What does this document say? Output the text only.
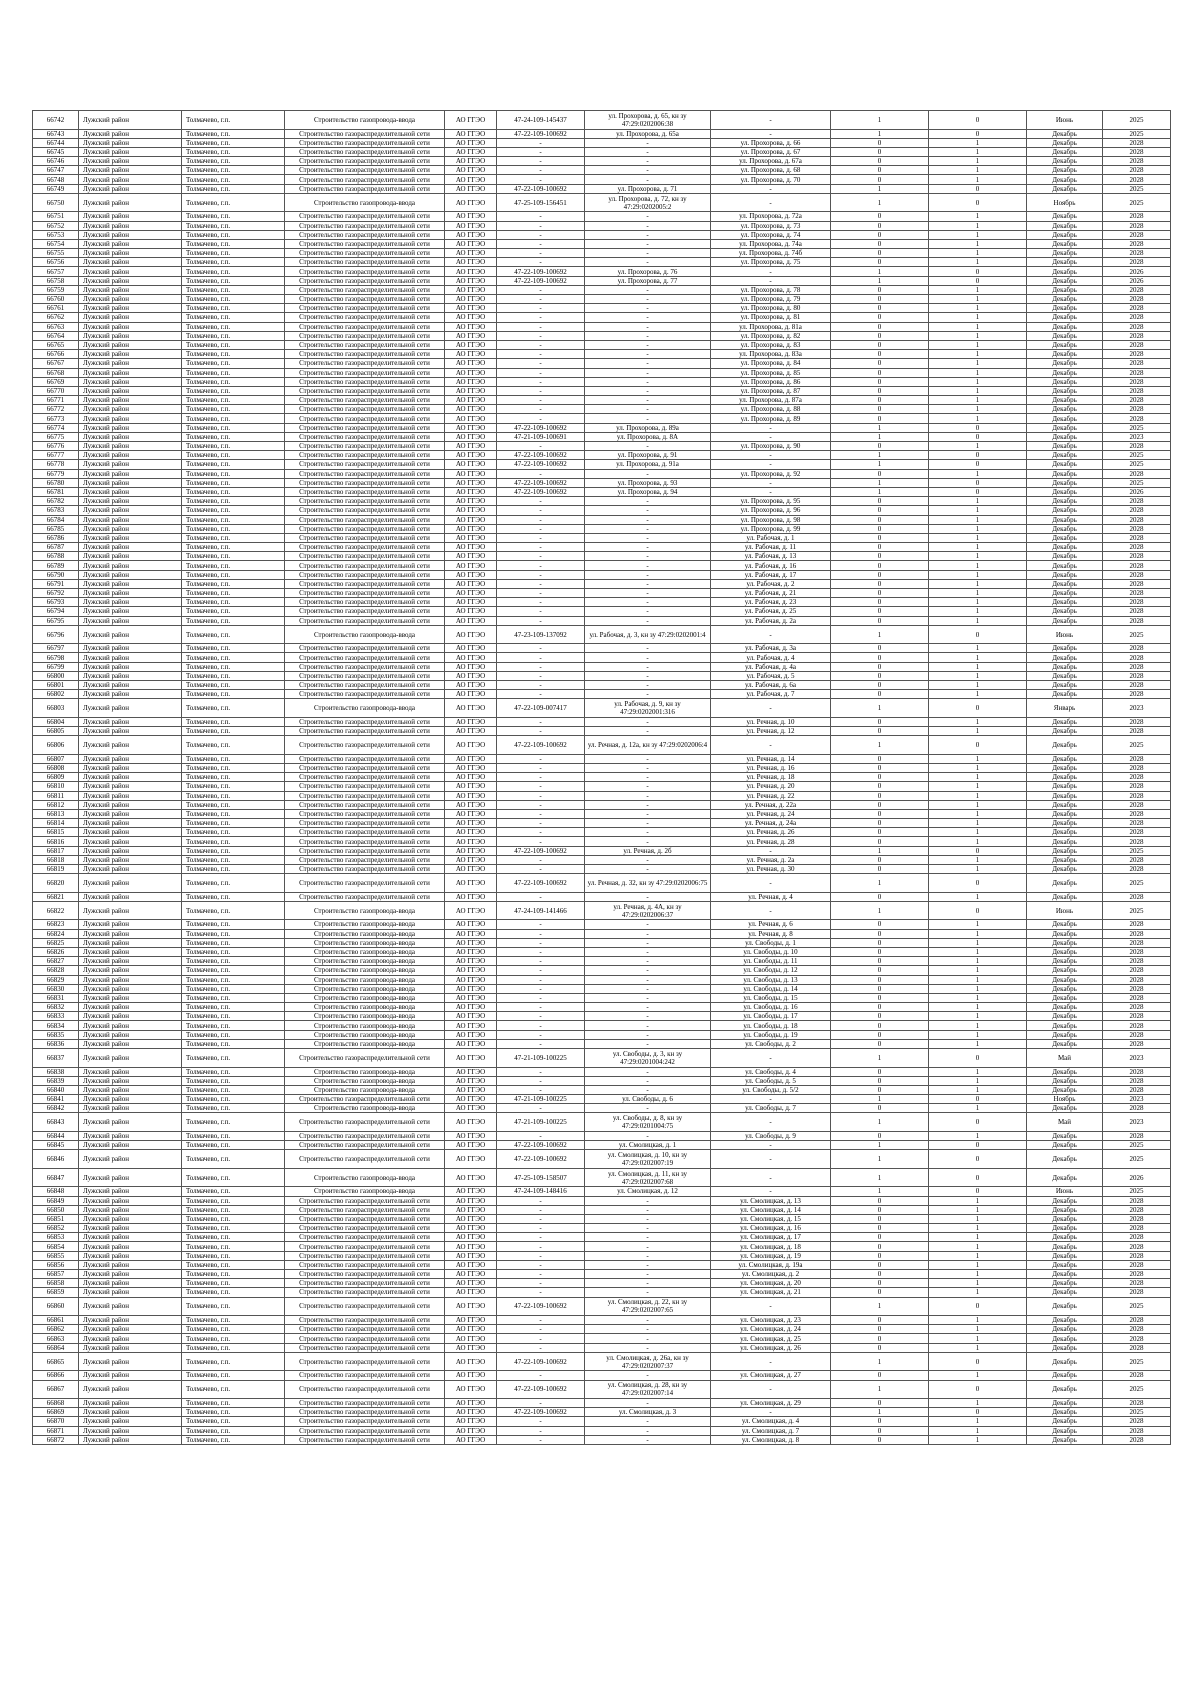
66742	Лужский район	Толмачево, г.п.	Строительство газопровода-ввода	АО ГГЭО	47-24-109-145437	ул. Прохорова, д. 65, кн зу 47:29:0202006:38	-	1	0	Июнь	2025
66743	Лужский район	Толмачево, г.п.	Строительство газораспределительной сети	АО ГГЭО	47-22-109-100692	ул. Прохорова, д. 65а	-	1	0	Декабрь	2025
66744	Лужский район	Толмачево, г.п.	Строительство газораспределительной сети	АО ГГЭО	-	-	ул. Прохорова, д. 66	0	1	Декабрь	2028
66745	Лужский район	Толмачево, г.п.	Строительство газораспределительной сети	АО ГГЭО	-	-	ул. Прохорова, д. 67	0	1	Декабрь	2028
66746	Лужский район	Толмачево, г.п.	Строительство газораспределительной сети	АО ГГЭО	-	-	ул. Прохорова, д. 67а	0	1	Декабрь	2028
66747	Лужский район	Толмачево, г.п.	Строительство газораспределительной сети	АО ГГЭО	-	-	ул. Прохорова, д. 68	0	1	Декабрь	2028
66748	Лужский район	Толмачево, г.п.	Строительство газораспределительной сети	АО ГГЭО	-	-	ул. Прохорова, д. 70	0	1	Декабрь	2028
66749	Лужский район	Толмачево, г.п.	Строительство газораспределительной сети	АО ГГЭО	47-22-109-100692	ул. Прохорова, д. 71	-	1	0	Декабрь	2025
66750	Лужский район	Толмачево, г.п.	Строительство газопровода-ввода	АО ГГЭО	47-25-109-156451	ул. Прохорова, д. 72, кн зу 47:29:0202005:2	-	1	0	Ноябрь	2025
66751	Лужский район	Толмачево, г.п.	Строительство газораспределительной сети	АО ГГЭО	-	-	ул. Прохорова, д. 72а	0	1	Декабрь	2028
66752	Лужский район	Толмачево, г.п.	Строительство газораспределительной сети	АО ГГЭО	-	-	ул. Прохорова, д. 73	0	1	Декабрь	2028
66753	Лужский район	Толмачево, г.п.	Строительство газораспределительной сети	АО ГГЭО	-	-	ул. Прохорова, д. 74	0	1	Декабрь	2028
66754	Лужский район	Толмачево, г.п.	Строительство газораспределительной сети	АО ГГЭО	-	-	ул. Прохорова, д. 74а	0	1	Декабрь	2028
66755	Лужский район	Толмачево, г.п.	Строительство газораспределительной сети	АО ГГЭО	-	-	ул. Прохорова, д. 74б	0	1	Декабрь	2028
66756	Лужский район	Толмачево, г.п.	Строительство газораспределительной сети	АО ГГЭО	-	-	ул. Прохорова, д. 75	0	1	Декабрь	2028
66757	Лужский район	Толмачево, г.п.	Строительство газораспределительной сети	АО ГГЭО	47-22-109-100692	ул. Прохорова, д. 76	-	1	0	Декабрь	2026
66758	Лужский район	Толмачево, г.п.	Строительство газораспределительной сети	АО ГГЭО	47-22-109-100692	ул. Прохорова, д. 77	-	1	0	Декабрь	2026
66759	Лужский район	Толмачево, г.п.	Строительство газораспределительной сети	АО ГГЭО	-	-	ул. Прохорова, д. 78	0	1	Декабрь	2028
66760	Лужский район	Толмачево, г.п.	Строительство газораспределительной сети	АО ГГЭО	-	-	ул. Прохорова, д. 79	0	1	Декабрь	2028
66761	Лужский район	Толмачево, г.п.	Строительство газораспределительной сети	АО ГГЭО	-	-	ул. Прохорова, д. 80	0	1	Декабрь	2028
66762	Лужский район	Толмачево, г.п.	Строительство газораспределительной сети	АО ГГЭО	-	-	ул. Прохорова, д. 81	0	1	Декабрь	2028
66763	Лужский район	Толмачево, г.п.	Строительство газораспределительной сети	АО ГГЭО	-	-	ул. Прохорова, д. 81а	0	1	Декабрь	2028
66764	Лужский район	Толмачево, г.п.	Строительство газораспределительной сети	АО ГГЭО	-	-	ул. Прохорова, д. 82	0	1	Декабрь	2028
66765	Лужский район	Толмачево, г.п.	Строительство газораспределительной сети	АО ГГЭО	-	-	ул. Прохорова, д. 83	0	1	Декабрь	2028
66766	Лужский район	Толмачево, г.п.	Строительство газораспределительной сети	АО ГГЭО	-	-	ул. Прохорова, д. 83а	0	1	Декабрь	2028
66767	Лужский район	Толмачево, г.п.	Строительство газораспределительной сети	АО ГГЭО	-	-	ул. Прохорова, д. 84	0	1	Декабрь	2028
66768	Лужский район	Толмачево, г.п.	Строительство газораспределительной сети	АО ГГЭО	-	-	ул. Прохорова, д. 85	0	1	Декабрь	2028
66769	Лужский район	Толмачево, г.п.	Строительство газораспределительной сети	АО ГГЭО	-	-	ул. Прохорова, д. 86	0	1	Декабрь	2028
66770	Лужский район	Толмачево, г.п.	Строительство газораспределительной сети	АО ГГЭО	-	-	ул. Прохорова, д. 87	0	1	Декабрь	2028
66771	Лужский район	Толмачево, г.п.	Строительство газораспределительной сети	АО ГГЭО	-	-	ул. Прохорова, д. 87а	0	1	Декабрь	2028
66772	Лужский район	Толмачево, г.п.	Строительство газораспределительной сети	АО ГГЭО	-	-	ул. Прохорова, д. 88	0	1	Декабрь	2028
66773	Лужский район	Толмачево, г.п.	Строительство газораспределительной сети	АО ГГЭО	-	-	ул. Прохорова, д. 89	0	1	Декабрь	2028
66774	Лужский район	Толмачево, г.п.	Строительство газораспределительной сети	АО ГГЭО	47-22-109-100692	ул. Прохорова, д. 89а	-	1	0	Декабрь	2025
66775	Лужский район	Толмачево, г.п.	Строительство газораспределительной сети	АО ГГЭО	47-21-109-100691	ул. Прохорова, д. 8А	-	1	0	Декабрь	2023
66776	Лужский район	Толмачево, г.п.	Строительство газораспределительной сети	АО ГГЭО	-	-	ул. Прохорова, д. 90	0	1	Декабрь	2028
66777	Лужский район	Толмачево, г.п.	Строительство газораспределительной сети	АО ГГЭО	47-22-109-100692	ул. Прохорова, д. 91	-	1	0	Декабрь	2025
66778	Лужский район	Толмачево, г.п.	Строительство газораспределительной сети	АО ГГЭО	47-22-109-100692	ул. Прохорова, д. 91а	-	1	0	Декабрь	2025
66779	Лужский район	Толмачево, г.п.	Строительство газораспределительной сети	АО ГГЭО	-	-	ул. Прохорова, д. 92	0	1	Декабрь	2028
66780	Лужский район	Толмачево, г.п.	Строительство газораспределительной сети	АО ГГЭО	47-22-109-100692	ул. Прохорова, д. 93	-	1	0	Декабрь	2025
66781	Лужский район	Толмачево, г.п.	Строительство газораспределительной сети	АО ГГЭО	47-22-109-100692	ул. Прохорова, д. 94	-	1	0	Декабрь	2026
66782	Лужский район	Толмачево, г.п.	Строительство газораспределительной сети	АО ГГЭО	-	-	ул. Прохорова, д. 95	0	1	Декабрь	2028
66783	Лужский район	Толмачево, г.п.	Строительство газораспределительной сети	АО ГГЭО	-	-	ул. Прохорова, д. 96	0	1	Декабрь	2028
66784	Лужский район	Толмачево, г.п.	Строительство газораспределительной сети	АО ГГЭО	-	-	ул. Прохорова, д. 98	0	1	Декабрь	2028
66785	Лужский район	Толмачево, г.п.	Строительство газораспределительной сети	АО ГГЭО	-	-	ул. Прохорова, д. 99	0	1	Декабрь	2028
66786	Лужский район	Толмачево, г.п.	Строительство газораспределительной сети	АО ГГЭО	-	-	ул. Рабочая, д. 1	0	1	Декабрь	2028
66787	Лужский район	Толмачево, г.п.	Строительство газораспределительной сети	АО ГГЭО	-	-	ул. Рабочая, д. 11	0	1	Декабрь	2028
66788	Лужский район	Толмачево, г.п.	Строительство газораспределительной сети	АО ГГЭО	-	-	ул. Рабочая, д. 13	0	1	Декабрь	2028
66789	Лужский район	Толмачево, г.п.	Строительство газораспределительной сети	АО ГГЭО	-	-	ул. Рабочая, д. 16	0	1	Декабрь	2028
66790	Лужский район	Толмачево, г.п.	Строительство газораспределительной сети	АО ГГЭО	-	-	ул. Рабочая, д. 17	0	1	Декабрь	2028
66791	Лужский район	Толмачево, г.п.	Строительство газораспределительной сети	АО ГГЭО	-	-	ул. Рабочая, д. 2	0	1	Декабрь	2028
66792	Лужский район	Толмачево, г.п.	Строительство газораспределительной сети	АО ГГЭО	-	-	ул. Рабочая, д. 21	0	1	Декабрь	2028
66793	Лужский район	Толмачево, г.п.	Строительство газораспределительной сети	АО ГГЭО	-	-	ул. Рабочая, д. 23	0	1	Декабрь	2028
66794	Лужский район	Толмачево, г.п.	Строительство газораспределительной сети	АО ГГЭО	-	-	ул. Рабочая, д. 25	0	1	Декабрь	2028
66795	Лужский район	Толмачево, г.п.	Строительство газораспределительной сети	АО ГГЭО	-	-	ул. Рабочая, д. 2а	0	1	Декабрь	2028
66796	Лужский район	Толмачево, г.п.	Строительство газопровода-ввода	АО ГГЭО	47-23-109-137092	ул. Рабочая, д. 3, кн зу 47:29:0202001:4	-	1	0	Июнь	2025
66797	Лужский район	Толмачево, г.п.	Строительство газораспределительной сети	АО ГГЭО	-	-	ул. Рабочая, д. 3а	0	1	Декабрь	2028
66798	Лужский район	Толмачево, г.п.	Строительство газораспределительной сети	АО ГГЭО	-	-	ул. Рабочая, д. 4	0	1	Декабрь	2028
66799	Лужский район	Толмачево, г.п.	Строительство газораспределительной сети	АО ГГЭО	-	-	ул. Рабочая, д. 4а	0	1	Декабрь	2028
66800	Лужский район	Толмачево, г.п.	Строительство газораспределительной сети	АО ГГЭО	-	-	ул. Рабочая, д. 5	0	1	Декабрь	2028
66801	Лужский район	Толмачево, г.п.	Строительство газораспределительной сети	АО ГГЭО	-	-	ул. Рабочая, д. 6а	0	1	Декабрь	2028
66802	Лужский район	Толмачево, г.п.	Строительство газораспределительной сети	АО ГГЭО	-	-	ул. Рабочая, д. 7	0	1	Декабрь	2028
66803	Лужский район	Толмачево, г.п.	Строительство газопровода-ввода	АО ГГЭО	47-22-109-007417	ул. Рабочая, д. 9, кн зу 47:29:0202001:316	-	1	0	Январь	2023
66804	Лужский район	Толмачево, г.п.	Строительство газораспределительной сети	АО ГГЭО	-	-	ул. Речная, д. 10	0	1	Декабрь	2028
66805	Лужский район	Толмачево, г.п.	Строительство газораспределительной сети	АО ГГЭО	-	-	ул. Речная, д. 12	0	1	Декабрь	2028
66806	Лужский район	Толмачево, г.п.	Строительство газораспределительной сети	АО ГГЭО	47-22-109-100692	ул. Речная, д. 12а, кн зу 47:29:0202006:4	-	1	0	Декабрь	2025
66807	Лужский район	Толмачево, г.п.	Строительство газораспределительной сети	АО ГГЭО	-	-	ул. Речная, д. 14	0	1	Декабрь	2028
66808	Лужский район	Толмачево, г.п.	Строительство газораспределительной сети	АО ГГЭО	-	-	ул. Речная, д. 16	0	1	Декабрь	2028
66809	Лужский район	Толмачево, г.п.	Строительство газораспределительной сети	АО ГГЭО	-	-	ул. Речная, д. 18	0	1	Декабрь	2028
66810	Лужский район	Толмачево, г.п.	Строительство газораспределительной сети	АО ГГЭО	-	-	ул. Речная, д. 20	0	1	Декабрь	2028
66811	Лужский район	Толмачево, г.п.	Строительство газораспределительной сети	АО ГГЭО	-	-	ул. Речная, д. 22	0	1	Декабрь	2028
66812	Лужский район	Толмачево, г.п.	Строительство газораспределительной сети	АО ГГЭО	-	-	ул. Речная, д. 22а	0	1	Декабрь	2028
66813	Лужский район	Толмачево, г.п.	Строительство газораспределительной сети	АО ГГЭО	-	-	ул. Речная, д. 24	0	1	Декабрь	2028
66814	Лужский район	Толмачево, г.п.	Строительство газораспределительной сети	АО ГГЭО	-	-	ул. Речная, д. 24а	0	1	Декабрь	2028
66815	Лужский район	Толмачево, г.п.	Строительство газораспределительной сети	АО ГГЭО	-	-	ул. Речная, д. 26	0	1	Декабрь	2028
66816	Лужский район	Толмачево, г.п.	Строительство газораспределительной сети	АО ГГЭО	-	-	ул. Речная, д. 28	0	1	Декабрь	2028
66817	Лужский район	Толмачево, г.п.	Строительство газораспределительной сети	АО ГГЭО	47-22-109-100692	ул. Речная, д. 2б	-	1	0	Декабрь	2025
66818	Лужский район	Толмачево, г.п.	Строительство газораспределительной сети	АО ГГЭО	-	-	ул. Речная, д. 2а	0	1	Декабрь	2028
66819	Лужский район	Толмачево, г.п.	Строительство газораспределительной сети	АО ГГЭО	-	-	ул. Речная, д. 30	0	1	Декабрь	2028
66820	Лужский район	Толмачево, г.п.	Строительство газораспределительной сети	АО ГГЭО	47-22-109-100692	ул. Речная, д. 32, кн зу 47:29:0202006:75	-	1	0	Декабрь	2025
66821	Лужский район	Толмачево, г.п.	Строительство газораспределительной сети	АО ГГЭО	-	-	ул. Речная, д. 4	0	1	Декабрь	2028
66822	Лужский район	Толмачево, г.п.	Строительство газопровода-ввода	АО ГГЭО	47-24-109-141466	ул. Речная, д. 4А, кн зу 47:29:0202006:37	-	1	0	Июнь	2025
66823	Лужский район	Толмачево, г.п.	Строительство газопровода-ввода	АО ГГЭО	-	-	ул. Речная, д. 6	0	1	Декабрь	2028
66824	Лужский район	Толмачево, г.п.	Строительство газопровода-ввода	АО ГГЭО	-	-	ул. Речная, д. 8	0	1	Декабрь	2028
66825	Лужский район	Толмачево, г.п.	Строительство газопровода-ввода	АО ГГЭО	-	-	ул. Свободы, д. 1	0	1	Декабрь	2028
66826	Лужский район	Толмачево, г.п.	Строительство газопровода-ввода	АО ГГЭО	-	-	ул. Свободы, д. 10	0	1	Декабрь	2028
66827	Лужский район	Толмачево, г.п.	Строительство газопровода-ввода	АО ГГЭО	-	-	ул. Свободы, д. 11	0	1	Декабрь	2028
66828	Лужский район	Толмачево, г.п.	Строительство газопровода-ввода	АО ГГЭО	-	-	ул. Свободы, д. 12	0	1	Декабрь	2028
66829	Лужский район	Толмачево, г.п.	Строительство газопровода-ввода	АО ГГЭО	-	-	ул. Свободы, д. 13	0	1	Декабрь	2028
66830	Лужский район	Толмачево, г.п.	Строительство газопровода-ввода	АО ГГЭО	-	-	ул. Свободы, д. 14	0	1	Декабрь	2028
66831	Лужский район	Толмачево, г.п.	Строительство газопровода-ввода	АО ГГЭО	-	-	ул. Свободы, д. 15	0	1	Декабрь	2028
66832	Лужский район	Толмачево, г.п.	Строительство газопровода-ввода	АО ГГЭО	-	-	ул. Свободы, д. 16	0	1	Декабрь	2028
66833	Лужский район	Толмачево, г.п.	Строительство газопровода-ввода	АО ГГЭО	-	-	ул. Свободы, д. 17	0	1	Декабрь	2028
66834	Лужский район	Толмачево, г.п.	Строительство газопровода-ввода	АО ГГЭО	-	-	ул. Свободы, д. 18	0	1	Декабрь	2028
66835	Лужский район	Толмачево, г.п.	Строительство газопровода-ввода	АО ГГЭО	-	-	ул. Свободы, д. 19	0	1	Декабрь	2028
66836	Лужский район	Толмачево, г.п.	Строительство газопровода-ввода	АО ГГЭО	-	-	ул. Свободы, д. 2	0	1	Декабрь	2028
66837	Лужский район	Толмачево, г.п.	Строительство газораспределительной сети	АО ГГЭО	47-21-109-100225	ул. Свободы, д. 3, кн зу 47:29:0201004:242	-	1	0	Май	2023
66838	Лужский район	Толмачево, г.п.	Строительство газопровода-ввода	АО ГГЭО	-	-	ул. Свободы, д. 4	0	1	Декабрь	2028
66839	Лужский район	Толмачево, г.п.	Строительство газопровода-ввода	АО ГГЭО	-	-	ул. Свободы, д. 5	0	1	Декабрь	2028
66840	Лужский район	Толмачево, г.п.	Строительство газопровода-ввода	АО ГГЭО	-	-	ул. Свободы, д. 5/2	0	1	Декабрь	2028
66841	Лужский район	Толмачево, г.п.	Строительство газораспределительной сети	АО ГГЭО	47-21-109-100225	ул. Свободы, д. 6	-	1	0	Ноябрь	2023
66842	Лужский район	Толмачево, г.п.	Строительство газопровода-ввода	АО ГГЭО	-	-	ул. Свободы, д. 7	0	1	Декабрь	2028
66843	Лужский район	Толмачево, г.п.	Строительство газораспределительной сети	АО ГГЭО	47-21-109-100225	ул. Свободы, д. 8, кн зу 47:29:0201004:75	-	1	0	Май	2023
66844	Лужский район	Толмачево, г.п.	Строительство газораспределительной сети	АО ГГЭО	-	-	ул. Свободы, д. 9	0	1	Декабрь	2028
66845	Лужский район	Толмачево, г.п.	Строительство газораспределительной сети	АО ГГЭО	47-22-109-100692	ул. Смолицкая, д. 1	-	1	0	Декабрь	2025
66846	Лужский район	Толмачево, г.п.	Строительство газораспределительной сети	АО ГГЭО	47-22-109-100692	ул. Смолицкая, д. 10, кн зу 47:29:0202007:19	-	1	0	Декабрь	2025
66847	Лужский район	Толмачево, г.п.	Строительство газопровода-ввода	АО ГГЭО	47-25-109-158507	ул. Смолицкая, д. 11, кн зу 47:29:0202007:68	-	1	0	Декабрь	2026
66848	Лужский район	Толмачево, г.п.	Строительство газопровода-ввода	АО ГГЭО	47-24-109-148416	ул. Смолицкая, д. 12	-	1	0	Июнь	2025
66849	Лужский район	Толмачево, г.п.	Строительство газораспределительной сети	АО ГГЭО	-	-	ул. Смолицкая, д. 13	0	1	Декабрь	2028
66850	Лужский район	Толмачево, г.п.	Строительство газораспределительной сети	АО ГГЭО	-	-	ул. Смолицкая, д. 14	0	1	Декабрь	2028
66851	Лужский район	Толмачево, г.п.	Строительство газораспределительной сети	АО ГГЭО	-	-	ул. Смолицкая, д. 15	0	1	Декабрь	2028
66852	Лужский район	Толмачево, г.п.	Строительство газораспределительной сети	АО ГГЭО	-	-	ул. Смолицкая, д. 16	0	1	Декабрь	2028
66853	Лужский район	Толмачево, г.п.	Строительство газораспределительной сети	АО ГГЭО	-	-	ул. Смолицкая, д. 17	0	1	Декабрь	2028
66854	Лужский район	Толмачево, г.п.	Строительство газораспределительной сети	АО ГГЭО	-	-	ул. Смолицкая, д. 18	0	1	Декабрь	2028
66855	Лужский район	Толмачево, г.п.	Строительство газораспределительной сети	АО ГГЭО	-	-	ул. Смолицкая, д. 19	0	1	Декабрь	2028
66856	Лужский район	Толмачево, г.п.	Строительство газораспределительной сети	АО ГГЭО	-	-	ул. Смолицкая, д. 19а	0	1	Декабрь	2028
66857	Лужский район	Толмачево, г.п.	Строительство газораспределительной сети	АО ГГЭО	-	-	ул. Смолицкая, д. 2	0	1	Декабрь	2028
66858	Лужский район	Толмачево, г.п.	Строительство газораспределительной сети	АО ГГЭО	-	-	ул. Смолицкая, д. 20	0	1	Декабрь	2028
66859	Лужский район	Толмачево, г.п.	Строительство газораспределительной сети	АО ГГЭО	-	-	ул. Смолицкая, д. 21	0	1	Декабрь	2028
66860	Лужский район	Толмачево, г.п.	Строительство газораспределительной сети	АО ГГЭО	47-22-109-100692	ул. Смолицкая, д. 22, кн зу 47:29:0202007:65	-	1	0	Декабрь	2025
66861	Лужский район	Толмачево, г.п.	Строительство газораспределительной сети	АО ГГЭО	-	-	ул. Смолицкая, д. 23	0	1	Декабрь	2028
66862	Лужский район	Толмачево, г.п.	Строительство газораспределительной сети	АО ГГЭО	-	-	ул. Смолицкая, д. 24	0	1	Декабрь	2028
66863	Лужский район	Толмачево, г.п.	Строительство газораспределительной сети	АО ГГЭО	-	-	ул. Смолицкая, д. 25	0	1	Декабрь	2028
66864	Лужский район	Толмачево, г.п.	Строительство газораспределительной сети	АО ГГЭО	-	-	ул. Смолицкая, д. 26	0	1	Декабрь	2028
66865	Лужский район	Толмачево, г.п.	Строительство газораспределительной сети	АО ГГЭО	47-22-109-100692	ул. Смолицкая, д. 26а, кн зу 47:29:0202007:37	-	1	0	Декабрь	2025
66866	Лужский район	Толмачево, г.п.	Строительство газораспределительной сети	АО ГГЭО	-	-	ул. Смолицкая, д. 27	0	1	Декабрь	2028
66867	Лужский район	Толмачево, г.п.	Строительство газораспределительной сети	АО ГГЭО	47-22-109-100692	ул. Смолицкая, д. 28, кн зу 47:29:0202007:14	-	1	0	Декабрь	2025
66868	Лужский район	Толмачево, г.п.	Строительство газораспределительной сети	АО ГГЭО	-	-	ул. Смолицкая, д. 29	0	1	Декабрь	2028
66869	Лужский район	Толмачево, г.п.	Строительство газораспределительной сети	АО ГГЭО	47-22-109-100692	ул. Смолицкая, д. 3	-	1	0	Декабрь	2025
66870	Лужский район	Толмачево, г.п.	Строительство газораспределительной сети	АО ГГЭО	-	-	ул. Смолицкая, д. 4	0	1	Декабрь	2028
66871	Лужский район	Толмачево, г.п.	Строительство газораспределительной сети	АО ГГЭО	-	-	ул. Смолицкая, д. 7	0	1	Декабрь	2028
66872	Лужский район	Толмачево, г.п.	Строительство газораспределительной сети	АО ГГЭО	-	-	ул. Смолицкая, д. 8	0	1	Декабрь	2028
